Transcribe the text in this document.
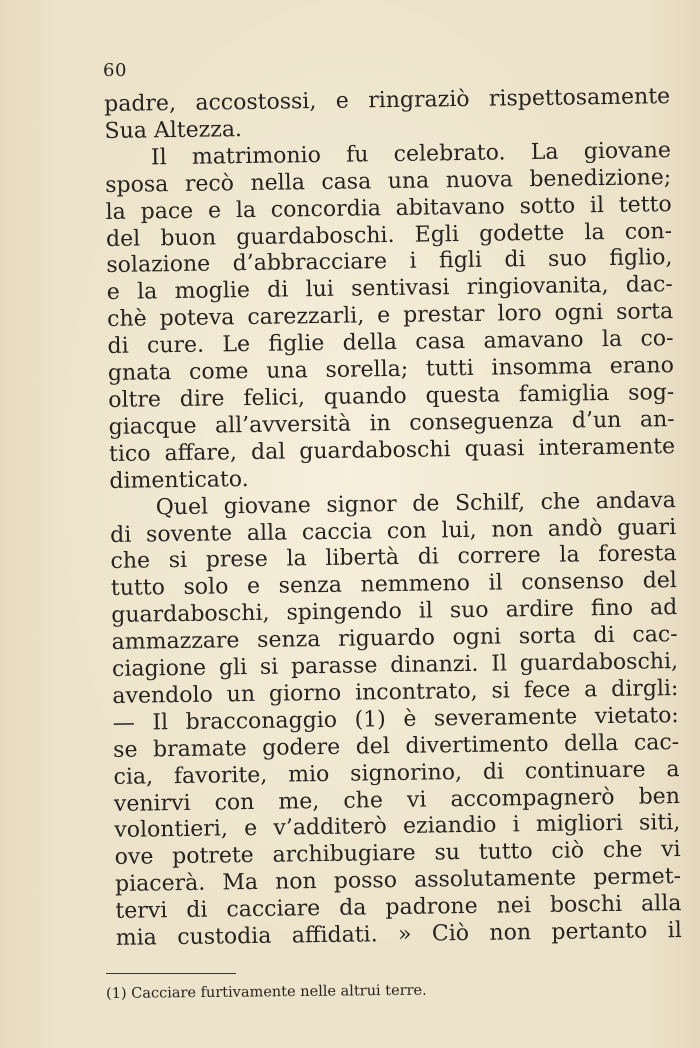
60
padre, accostossi, e ringraziò rispettosamente
Sua Altezza.
Il matrimonio fu celebrato. La giovane
sposa recò nella casa una nuova benedizione;
la pace e la concordia abitavano sotto il tetto
del buon guardaboschi. Egli godette la con-
solazione d’abbracciare i figli di suo figlio,
e la moglie di lui sentivasi ringiovanita, dac-
chè poteva carezzarli, e prestar loro ogni sorta
di cure. Le figlie della casa amavano la co-
gnata come una sorella; tutti insomma erano
oltre dire felici, quando questa famiglia sog-
giacque all’avversità in conseguenza d’un an-
tico affare, dal guardaboschi quasi interamente
dimenticato.
Quel giovane signor de Schilf, che andava
di sovente alla caccia con lui, non andò guari
che si prese la libertà di correre la foresta
tutto solo e senza nemmeno il consenso del
guardaboschi, spingendo il suo ardire fino ad
ammazzare senza riguardo ogni sorta di cac-
ciagione gli si parasse dinanzi. Il guardaboschi,
avendolo un giorno incontrato, si fece a dirgli:
— Il bracconaggio (1) è severamente vietato:
se bramate godere del divertimento della cac-
cia, favorite, mio signorino, di continuare a
venirvi con me, che vi accompagnerò ben
volontieri, e v’additerò eziandio i migliori siti,
ove potrete archibugiare su tutto ciò che vi
piacerà. Ma non posso assolutamente permet-
tervi di cacciare da padrone nei boschi alla
mia custodia affidati. » Ciò non pertanto il
(1) Cacciare furtivamente nelle altrui terre.
